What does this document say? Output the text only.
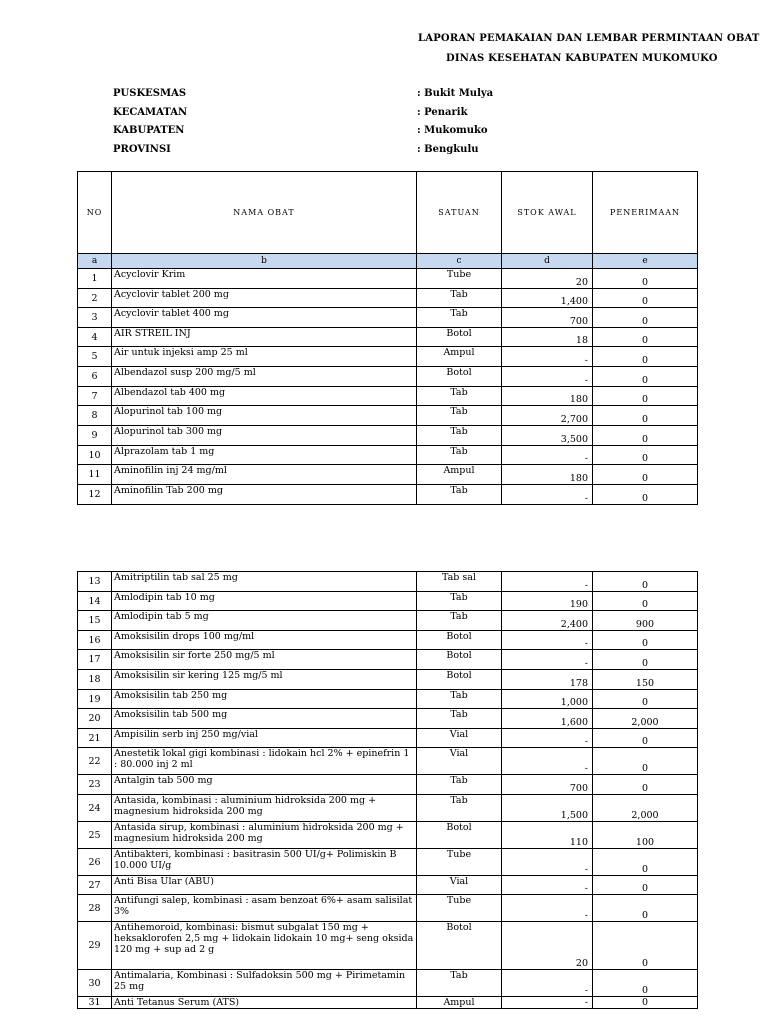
LAPORAN PEMAKAIAN DAN LEMBAR PERMINTAAN OBAT
DINAS KESEHATAN KABUPATEN MUKOMUKO
PUSKESMAS	: Bukit Mulya
KECAMATAN	: Penarik
KABUPATEN	: Mukomuko
PROVINSI	: Bengkulu
NO	NAMA OBAT	SATUAN	STOK AWAL	PENERIMAAN
a	b	c	d	e
1	Acyclovir Krim	Tube	20	0
2	Acyclovir tablet 200 mg	Tab	1,400	0
3	Acyclovir tablet 400 mg	Tab	700	0
4	AIR STREIL INJ	Botol	18	0
5	Air untuk injeksi amp 25 ml	Ampul	-	0
6	Albendazol susp 200 mg/5 ml	Botol	-	0
7	Albendazol tab 400 mg	Tab	180	0
8	Alopurinol tab 100 mg	Tab	2,700	0
9	Alopurinol tab 300 mg	Tab	3,500	0
10	Alprazolam tab 1 mg	Tab	-	0
11	Aminofilin inj 24 mg/ml	Ampul	180	0
12	Aminofilin Tab 200 mg	Tab	-	0
13	Amitriptilin tab sal 25 mg	Tab sal	-	0
14	Amlodipin tab 10 mg	Tab	190	0
15	Amlodipin tab 5 mg	Tab	2,400	900
16	Amoksisilin drops 100 mg/ml	Botol	-	0
17	Amoksisilin sir forte 250 mg/5 ml	Botol	-	0
18	Amoksisilin sir kering 125 mg/5 ml	Botol	178	150
19	Amoksisilin tab 250 mg	Tab	1,000	0
20	Amoksisilin tab 500 mg	Tab	1,600	2,000
21	Ampisilin serb inj 250 mg/vial	Vial	-	0
22	Anestetik lokal gigi kombinasi : lidokain hcl 2% + epinefrin 1 : 80.000 inj 2 ml	Vial	-	0
23	Antalgin tab 500 mg	Tab	700	0
24	Antasida, kombinasi : aluminium hidroksida 200 mg + magnesium hidroksida 200 mg	Tab	1,500	2,000
25	Antasida sirup, kombinasi : aluminium hidroksida 200 mg + magnesium hidroksida 200 mg	Botol	110	100
26	Antibakteri, kombinasi : basitrasin 500 UI/g+ Polimiskin B 10.000 UI/g	Tube	-	0
27	Anti Bisa Ular (ABU)	Vial	-	0
28	Antifungi salep, kombinasi : asam benzoat 6%+ asam salisilat 3%	Tube	-	0
29	Antihemoroid, kombinasi: bismut subgalat 150 mg + heksaklorofen 2,5 mg + lidokain lidokain 10 mg+ seng oksida 120 mg + sup ad 2 g	Botol	20	0
30	Antimalaria, Kombinasi : Sulfadoksin 500 mg + Pirimetamin 25 mg	Tab	-	0
31	Anti Tetanus Serum (ATS)	Ampul	-	0
